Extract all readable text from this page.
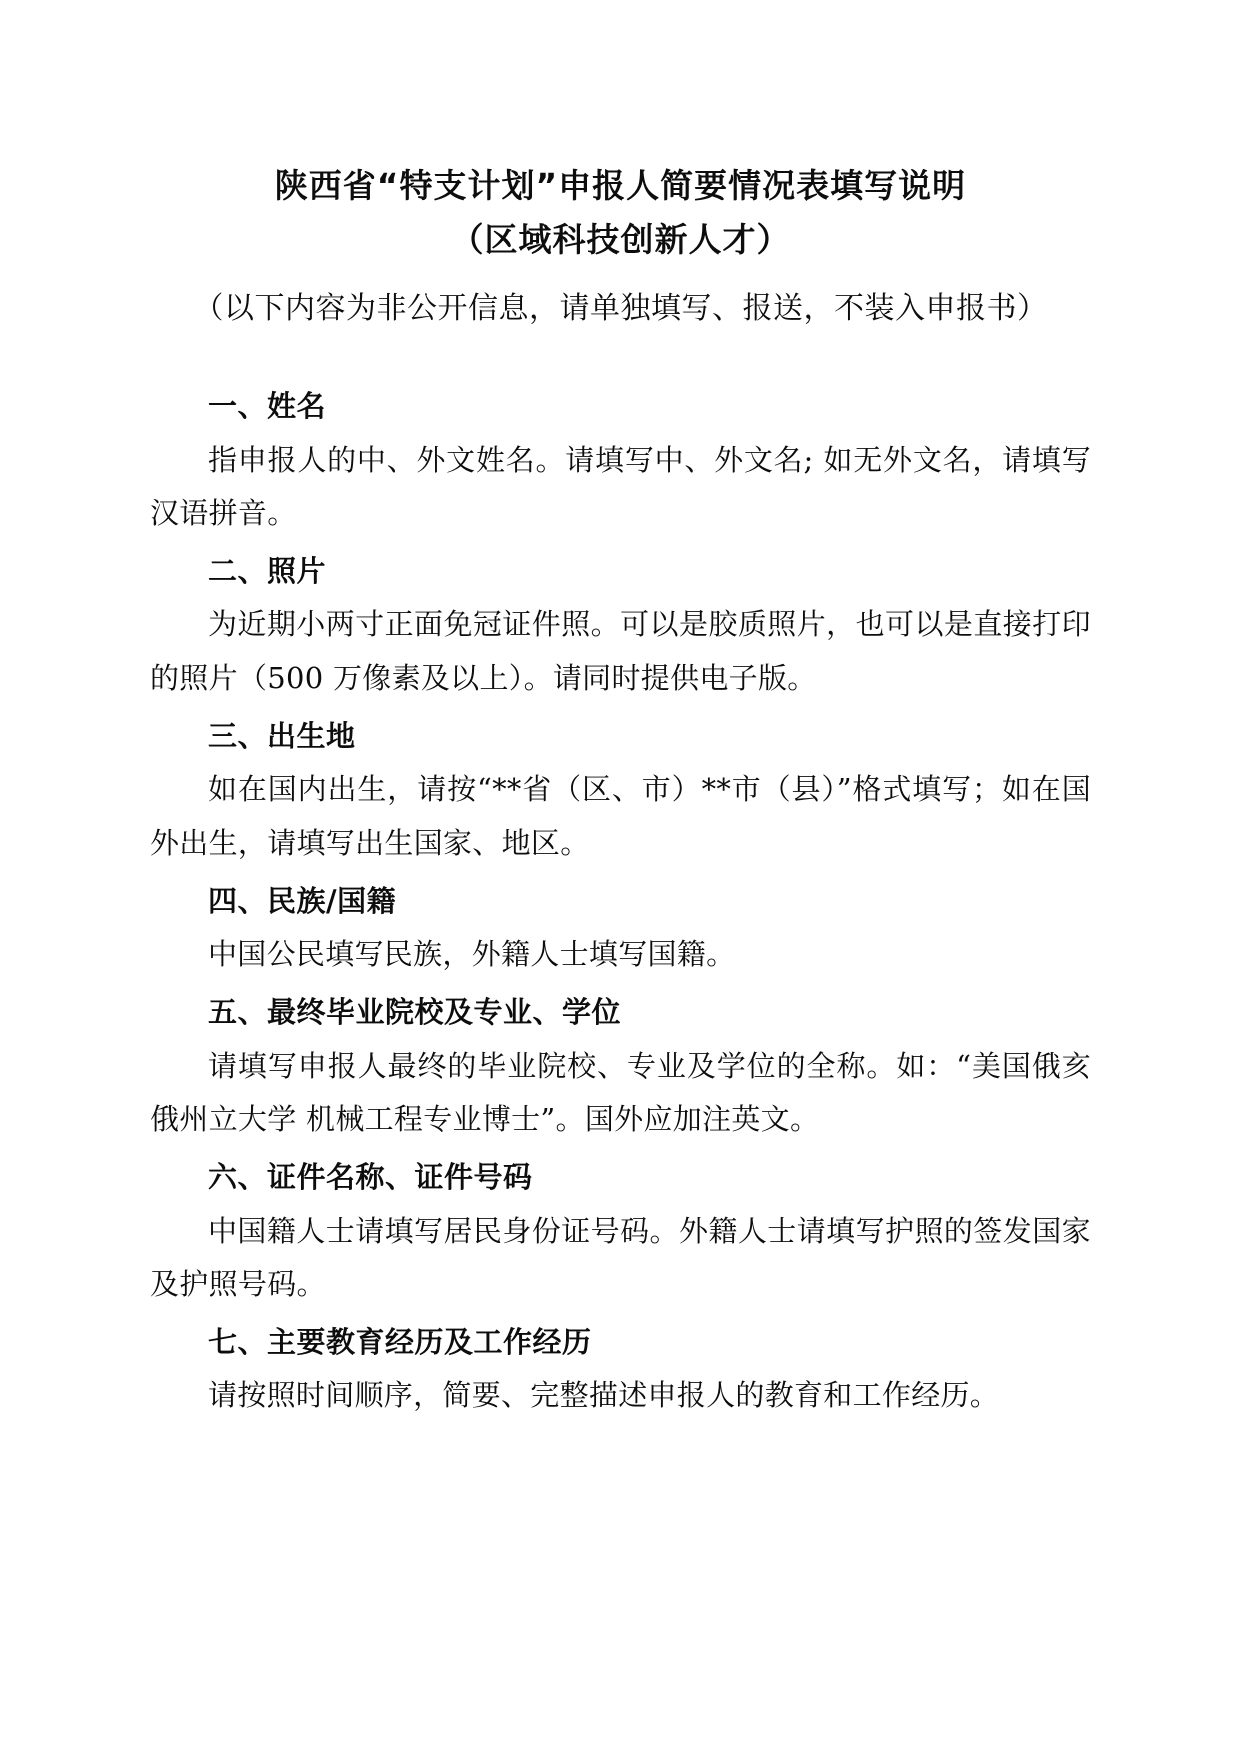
陕西省“特支计划”申报人简要情况表填写说明
（区域科技创新人才）

（以下内容为非公开信息，请单独填写、报送，不装入申报书）

一、姓名

指申报人的中、外文姓名。请填写中、外文名; 如无外文名，请填写汉语拼音。

二、照片

为近期小两寸正面免冠证件照。可以是胶质照片，也可以是直接打印的照片（500 万像素及以上）。请同时提供电子版。

三、出生地

如在国内出生，请按“**省（区、市）**市（县）”格式填写；如在国外出生，请填写出生国家、地区。

四、民族/国籍

中国公民填写民族，外籍人士填写国籍。

五、最终毕业院校及专业、学位

请填写申报人最终的毕业院校、专业及学位的全称。如：“美国俄亥俄州立大学 机械工程专业博士”。国外应加注英文。

六、证件名称、证件号码

中国籍人士请填写居民身份证号码。外籍人士请填写护照的签发国家及护照号码。

七、主要教育经历及工作经历

请按照时间顺序，简要、完整描述申报人的教育和工作经历。
